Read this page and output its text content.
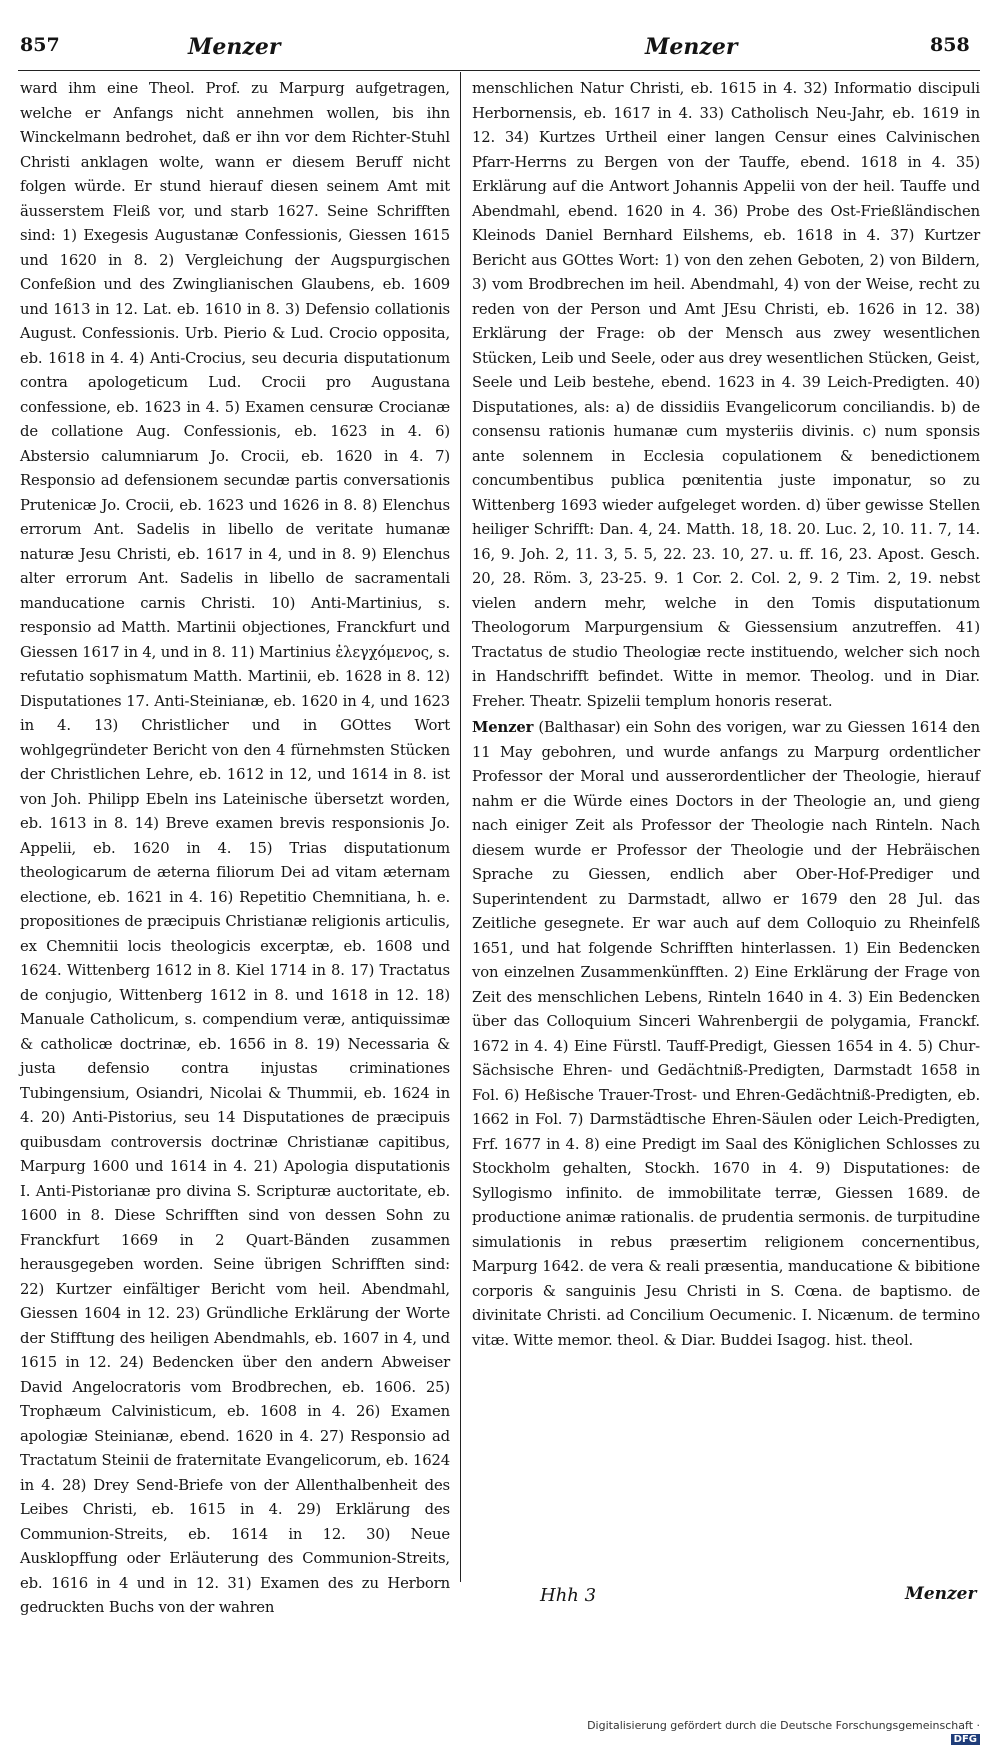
857	Menzer	Menzer	858

ward ihm eine Theol. Prof. zu Marpurg aufgetragen, welche er Anfangs nicht annehmen wollen, bis ihn Winckelmann bedrohet, daß er ihn vor dem Richter-Stuhl Christi anklagen wolte, wann er diesem Beruff nicht folgen würde. Er stund hierauf diesen seinem Amt mit äusserstem Fleiß vor, und starb 1627. Seine Schrifften sind: 1) Exegesis Augustanæ Confessionis, Giessen 1615 und 1620 in 8. 2) Vergleichung der Augspurgischen Confeßion und des Zwinglianischen Glaubens, eb. 1609 und 1613 in 12. Lat. eb. 1610 in 8. 3) Defensio collationis August. Confessionis. Urb. Pierio & Lud. Crocio opposita, eb. 1618 in 4. 4) Anti-Crocius, seu decuria disputationum contra apologeticum Lud. Crocii pro Augustana confessione, eb. 1623 in 4. 5) Examen censuræ Crocianæ de collatione Aug. Confessionis, eb. 1623 in 4. 6) Abstersio calumniarum Jo. Crocii, eb. 1620 in 4. 7) Responsio ad defensionem secundæ partis conversationis Prutenicæ Jo. Crocii, eb. 1623 und 1626 in 8. 8) Elenchus errorum Ant. Sadelis in libello de veritate humanæ naturæ Jesu Christi, eb. 1617 in 4, und in 8. 9) Elenchus alter errorum Ant. Sadelis in libello de sacramentali manducatione carnis Christi. 10) Anti-Martinius, s. responsio ad Matth. Martinii objectiones, Franckfurt und Giessen 1617 in 4, und in 8. 11) Martinius ἐλεγχόμενος, s. refutatio sophismatum Matth. Martinii, eb. 1628 in 8. 12) Disputationes 17. Anti-Steinianæ, eb. 1620 in 4, und 1623 in 4. 13) Christlicher und in GOttes Wort wohlgegründeter Bericht von den 4 fürnehmsten Stücken der Christlichen Lehre, eb. 1612 in 12, und 1614 in 8. ist von Joh. Philipp Ebeln ins Lateinische übersetzt worden, eb. 1613 in 8. 14) Breve examen brevis responsionis Jo. Appelii, eb. 1620 in 4. 15) Trias disputationum theologicarum de æterna filiorum Dei ad vitam æternam electione, eb. 1621 in 4. 16) Repetitio Chemnitiana, h. e. propositiones de præcipuis Christianæ religionis articulis, ex Chemnitii locis theologicis excerptæ, eb. 1608 und 1624. Wittenberg 1612 in 8. Kiel 1714 in 8. 17) Tractatus de conjugio, Wittenberg 1612 in 8. und 1618 in 12. 18) Manuale Catholicum, s. compendium veræ, antiquissimæ & catholicæ doctrinæ, eb. 1656 in 8. 19) Necessaria & justa defensio contra injustas criminationes Tubingensium, Osiandri, Nicolai & Thummii, eb. 1624 in 4. 20) Anti-Pistorius, seu 14 Disputationes de præcipuis quibusdam controversis doctrinæ Christianæ capitibus, Marpurg 1600 und 1614 in 4. 21) Apologia disputationis I. Anti-Pistorianæ pro divina S. Scripturæ auctoritate, eb. 1600 in 8. Diese Schrifften sind von dessen Sohn zu Franckfurt 1669 in 2 Quart-Bänden zusammen herausgegeben worden. Seine übrigen Schrifften sind: 22) Kurtzer einfältiger Bericht vom heil. Abendmahl, Giessen 1604 in 12. 23) Gründliche Erklärung der Worte der Stifftung des heiligen Abendmahls, eb. 1607 in 4, und 1615 in 12. 24) Bedencken über den andern Abweiser David Angelocratoris vom Brodbrechen, eb. 1606. 25) Trophæum Calvinisticum, eb. 1608 in 4. 26) Examen apologiæ Steinianæ, ebend. 1620 in 4. 27) Responsio ad Tractatum Steinii de fraternitate Evangelicorum, eb. 1624 in 4. 28) Drey Send-Briefe von der Allenthalbenheit des Leibes Christi, eb. 1615 in 4. 29) Erklärung des Communion-Streits, eb. 1614 in 12. 30) Neue Ausklopffung oder Erläuterung des Communion-Streits, eb. 1616 in 4 und in 12. 31) Examen des zu Herborn gedruckten Buchs von der wahren

menschlichen Natur Christi, eb. 1615 in 4. 32) Informatio discipuli Herbornensis, eb. 1617 in 4. 33) Catholisch Neu-Jahr, eb. 1619 in 12. 34) Kurtzes Urtheil einer langen Censur eines Calvinischen Pfarr-Herrns zu Bergen von der Tauffe, ebend. 1618 in 4. 35) Erklärung auf die Antwort Johannis Appelii von der heil. Tauffe und Abendmahl, ebend. 1620 in 4. 36) Probe des Ost-Frießländischen Kleinods Daniel Bernhard Eilshems, eb. 1618 in 4. 37) Kurtzer Bericht aus GOttes Wort: 1) von den zehen Geboten, 2) von Bildern, 3) vom Brodbrechen im heil. Abendmahl, 4) von der Weise, recht zu reden von der Person und Amt JEsu Christi, eb. 1626 in 12. 38) Erklärung der Frage: ob der Mensch aus zwey wesentlichen Stücken, Leib und Seele, oder aus drey wesentlichen Stücken, Geist, Seele und Leib bestehe, ebend. 1623 in 4. 39 Leich-Predigten. 40) Disputationes, als: a) de dissidiis Evangelicorum conciliandis. b) de consensu rationis humanæ cum mysteriis divinis. c) num sponsis ante solennem in Ecclesia copulationem & benedictionem concumbentibus publica pœnitentia juste imponatur, so zu Wittenberg 1693 wieder aufgeleget worden. d) über gewisse Stellen heiliger Schrifft: Dan. 4, 24. Matth. 18, 18. 20. Luc. 2, 10. 11. 7, 14. 16, 9. Joh. 2, 11. 3, 5. 5, 22. 23. 10, 27. u. ff. 16, 23. Apost. Gesch. 20, 28. Röm. 3, 23-25. 9. 1 Cor. 2. Col. 2, 9. 2 Tim. 2, 19. nebst vielen andern mehr, welche in den Tomis disputationum Theologorum Marpurgensium & Giessensium anzutreffen. 41) Tractatus de studio Theologiæ recte instituendo, welcher sich noch in Handschrifft befindet. Witte in memor. Theolog. und in Diar. Freher. Theatr. Spizelii templum honoris reserat.

Menzer (Balthasar) ein Sohn des vorigen, war zu Giessen 1614 den 11 May gebohren, und wurde anfangs zu Marpurg ordentlicher Professor der Moral und ausserordentlicher der Theologie, hierauf nahm er die Würde eines Doctors in der Theologie an, und gieng nach einiger Zeit als Professor der Theologie nach Rinteln. Nach diesem wurde er Professor der Theologie und der Hebräischen Sprache zu Giessen, endlich aber Ober-Hof-Prediger und Superintendent zu Darmstadt, allwo er 1679 den 28 Jul. das Zeitliche gesegnete. Er war auch auf dem Colloquio zu Rheinfelß 1651, und hat folgende Schrifften hinterlassen. 1) Ein Bedencken von einzelnen Zusammenkünfften. 2) Eine Erklärung der Frage von Zeit des menschlichen Lebens, Rinteln 1640 in 4. 3) Ein Bedencken über das Colloquium Sinceri Wahrenbergii de polygamia, Franckf. 1672 in 4. 4) Eine Fürstl. Tauff-Predigt, Giessen 1654 in 4. 5) Chur-Sächsische Ehren- und Gedächtniß-Predigten, Darmstadt 1658 in Fol. 6) Heßische Trauer-Trost- und Ehren-Gedächtniß-Predigten, eb. 1662 in Fol. 7) Darmstädtische Ehren-Säulen oder Leich-Predigten, Frf. 1677 in 4. 8) eine Predigt im Saal des Königlichen Schlosses zu Stockholm gehalten, Stockh. 1670 in 4. 9) Disputationes: de Syllogismo infinito. de immobilitate terræ, Giessen 1689. de productione animæ rationalis. de prudentia sermonis. de turpitudine simulationis in rebus præsertim religionem concernentibus, Marpurg 1642. de vera & reali præsentia, manducatione & bibitione corporis & sanguinis Jesu Christi in S. Cœna. de baptismo. de divinitate Christi. ad Concilium Oecumenic. I. Nicænum. de termino vitæ. Witte memor. theol. & Diar. Buddei Isagog. hist. theol.

Hhh 3	Menzer
Digitalisierung gefördert durch die Deutsche Forschungsgemeinschaft · DFG
